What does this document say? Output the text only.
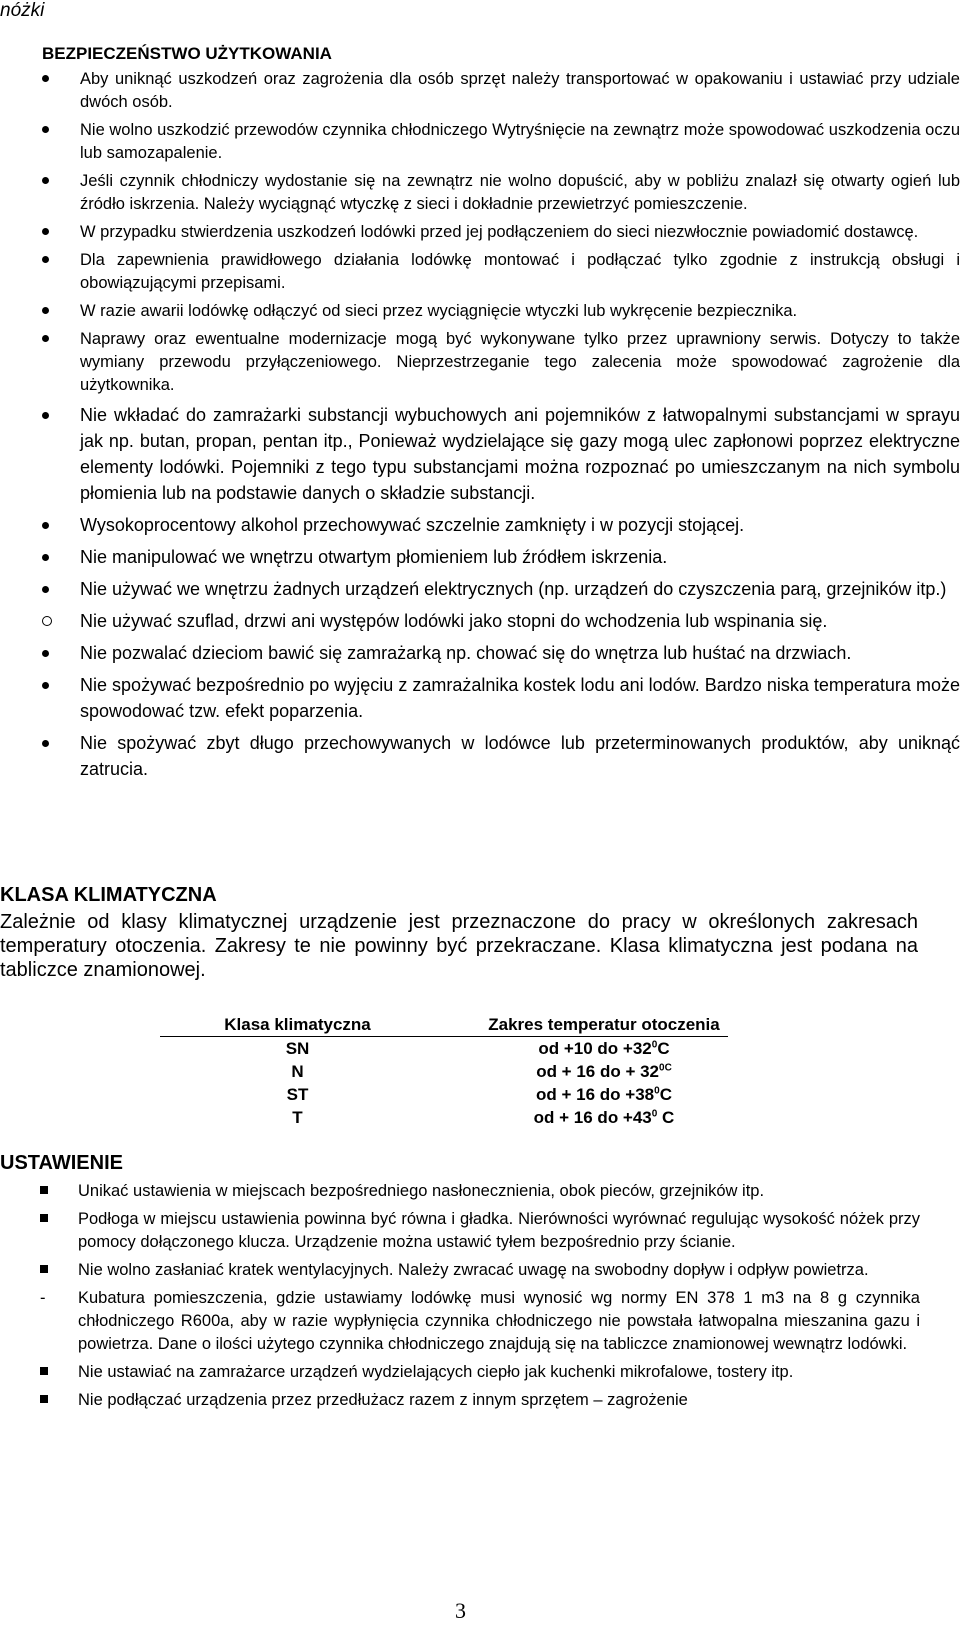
nóżki
BEZPIECZEŃSTWO UŻYTKOWANIA
Aby uniknąć uszkodzeń oraz zagrożenia dla osób sprzęt należy transportować w opakowaniu i ustawiać przy udziale dwóch osób.
Nie wolno uszkodzić przewodów czynnika chłodniczego Wytryśnięcie na zewnątrz może spowodować uszkodzenia oczu lub samozapalenie.
Jeśli czynnik chłodniczy wydostanie się na zewnątrz nie wolno dopuścić, aby w pobliżu znalazł się otwarty ogień lub źródło iskrzenia. Należy wyciągnąć wtyczkę z sieci i dokładnie przewietrzyć pomieszczenie.
W przypadku stwierdzenia uszkodzeń lodówki przed jej podłączeniem do sieci niezwłocznie powiadomić dostawcę.
Dla zapewnienia prawidłowego działania lodówkę montować i podłączać tylko zgodnie z instrukcją obsługi i obowiązującymi przepisami.
W razie awarii lodówkę odłączyć od sieci przez wyciągnięcie wtyczki lub wykręcenie bezpiecznika.
Naprawy oraz ewentualne modernizacje mogą być wykonywane tylko przez uprawniony serwis. Dotyczy to także wymiany przewodu przyłączeniowego. Nieprzestrzeganie tego zalecenia może spowodować zagrożenie dla użytkownika.
Nie wkładać do zamrażarki substancji wybuchowych ani pojemników z łatwopalnymi substancjami w sprayu jak np. butan, propan, pentan itp., Ponieważ wydzielające się gazy mogą ulec zapłonowi poprzez elektryczne elementy lodówki. Pojemniki z tego typu substancjami można rozpoznać po umieszczanym na nich symbolu płomienia lub na podstawie danych o składzie substancji.
Wysokoprocentowy alkohol przechowywać szczelnie zamknięty i w pozycji stojącej.
Nie manipulować we wnętrzu otwartym płomieniem lub źródłem iskrzenia.
Nie używać we wnętrzu żadnych urządzeń elektrycznych (np. urządzeń do czyszczenia parą, grzejników itp.)
Nie używać szuflad, drzwi ani występów lodówki jako stopni do wchodzenia lub wspinania się.
Nie pozwalać dzieciom bawić się zamrażarką np. chować się do wnętrza lub huśtać na drzwiach.
Nie spożywać bezpośrednio po wyjęciu z zamrażalnika kostek lodu ani lodów. Bardzo niska temperatura może spowodować tzw. efekt poparzenia.
Nie spożywać zbyt długo przechowywanych w lodówce lub przeterminowanych produktów, aby uniknąć zatrucia.
KLASA KLIMATYCZNA
Zależnie od klasy klimatycznej urządzenie jest przeznaczone do pracy w określonych zakresach temperatury otoczenia. Zakresy te nie powinny być przekraczane. Klasa klimatyczna jest podana na tabliczce znamionowej.
Klasa klimatyczna	Zakres temperatur otoczenia
SN	od +10 do $+32^0C$
N	od + 16 do + $32^{0C}$
ST	od + 16 do $+38^0C$
T	od + 16 do $+43^0$ C
USTAWIENIE
Unikać ustawienia w miejscach bezpośredniego nasłonecznienia, obok pieców, grzejników itp.
Podłoga w miejscu ustawienia powinna być równa i gładka. Nierówności wyrównać regulując wysokość nóżek przy pomocy dołączonego klucza. Urządzenie można ustawić tyłem bezpośrednio przy ścianie.
Nie wolno zasłaniać kratek wentylacyjnych. Należy zwracać uwagę na swobodny dopływ i odpływ powietrza.
-	Kubatura pomieszczenia, gdzie ustawiamy lodówkę musi wynosić wg normy EN 378 1 m3 na 8 g czynnika chłodniczego R600a, aby w razie wypłynięcia czynnika chłodniczego nie powstała łatwopalna mieszanina gazu i powietrza. Dane o ilości użytego czynnika chłodniczego znajdują się na tabliczce znamionowej wewnątrz lodówki.
Nie ustawiać na zamrażarce urządzeń wydzielających ciepło jak kuchenki mikrofalowe, tostery itp.
Nie podłączać urządzenia przez przedłużacz razem z innym sprzętem – zagrożenie
3
